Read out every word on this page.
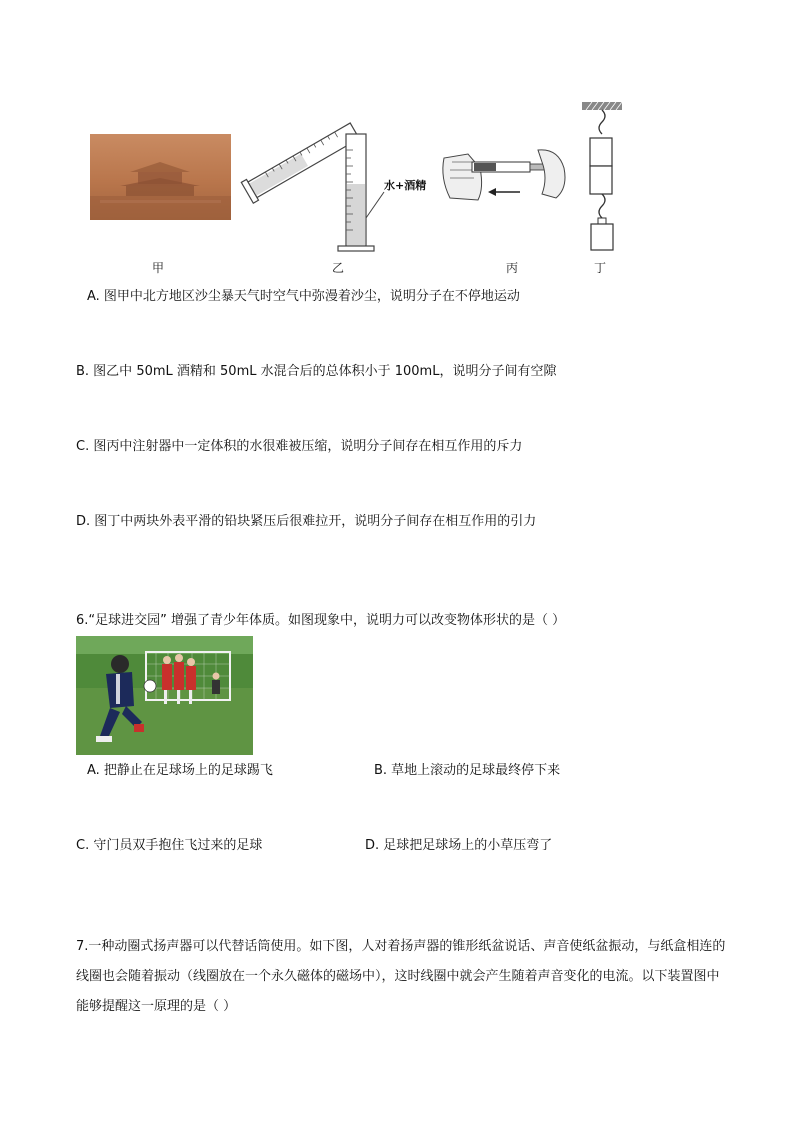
水+酒精
甲	乙	丙	丁
A. 图甲中北方地区沙尘暴天气时空气中弥漫着沙尘，说明分子在不停地运动
B. 图乙中 50mL 酒精和 50mL 水混合后的总体积小于 100mL，说明分子间有空隙
C. 图丙中注射器中一定体积的水很难被压缩，说明分子间存在相互作用的斥力
D. 图丁中两块外表平滑的铅块紧压后很难拉开，说明分子间存在相互作用的引力
6.“足球进交园” 增强了青少年体质。如图现象中，说明力可以改变物体形状的是（ ）
A. 把静止在足球场上的足球踢飞	B. 草地上滚动的足球最终停下来
C. 守门员双手抱住飞过来的足球	D. 足球把足球场上的小草压弯了
7.一种动圈式扬声器可以代替话筒使用。如下图，人对着扬声器的锥形纸盆说话、声音使纸盆振动，与纸盒相连的线圈也会随着振动（线圈放在一个永久磁体的磁场中），这时线圈中就会产生随着声音变化的电流。以下装置图中能够提醒这一原理的是（ ）
